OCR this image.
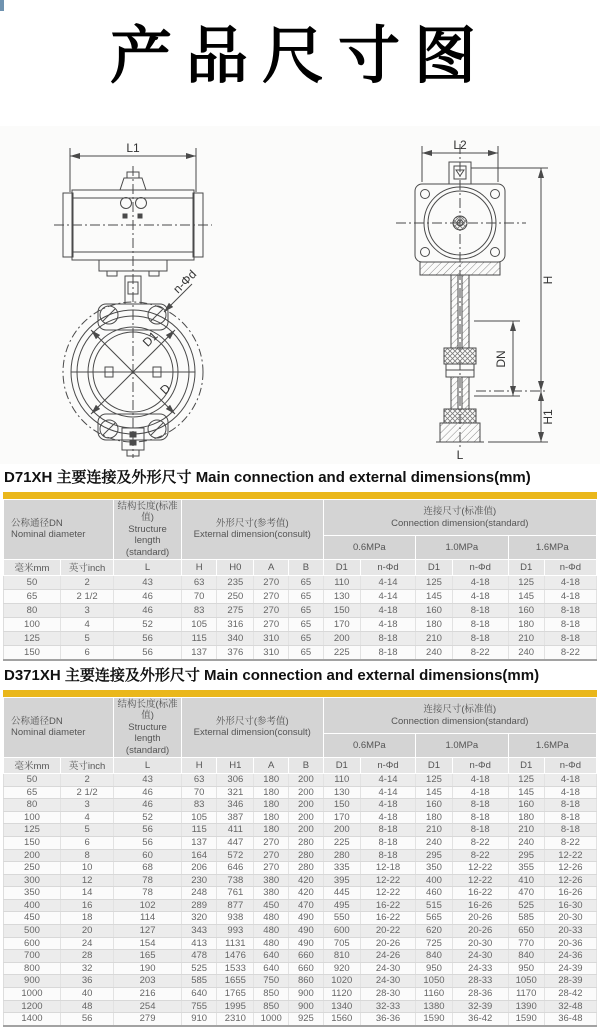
产品尺寸图
L1
D1
D
n-Φd
L2
H
H1
DN
L
D71XH 主要连接及外形尺寸 Main connection and external dimensions(mm)
公称通径DN
Nominal diameter

结构长度(标准值)
Structure length
(standard)

外形尺寸(参考值)
External dimension(consult)

连接尺寸(标准值)
Connection dimension(standard)

							0.6MPa		1.0MPa		1.6MPa	
毫米mm	英寸inch	L	H	H0	A	B	D1	n-Φd	D1	n-Φd	D1	n-Φd
50	2	43	63	235	270	65	110	4-14	125	4-18	125	4-18
65	2 1/2	46	70	250	270	65	130	4-14	145	4-18	145	4-18
80	3	46	83	275	270	65	150	4-18	160	8-18	160	8-18
100	4	52	105	316	270	65	170	4-18	180	8-18	180	8-18
125	5	56	115	340	310	65	200	8-18	210	8-18	210	8-18
150	6	56	137	376	310	65	225	8-18	240	8-22	240	8-22
D371XH 主要连接及外形尺寸 Main connection and external dimensions(mm)
公称通径DN
Nominal diameter

结构长度(标准值)
Structure length
(standard)

外形尺寸(参考值)
External dimension(consult)

连接尺寸(标准值)
Connection dimension(standard)

							0.6MPa		1.0MPa		1.6MPa	
毫米mm	英寸inch	L	H	H1	A	B	D1	n-Φd	D1	n-Φd	D1	n-Φd
50	2	43	63	306	180	200	110	4-14	125	4-18	125	4-18
65	2 1/2	46	70	321	180	200	130	4-14	145	4-18	145	4-18
80	3	46	83	346	180	200	150	4-18	160	8-18	160	8-18
100	4	52	105	387	180	200	170	4-18	180	8-18	180	8-18
125	5	56	115	411	180	200	200	8-18	210	8-18	210	8-18
150	6	56	137	447	270	280	225	8-18	240	8-22	240	8-22
200	8	60	164	572	270	280	280	8-18	295	8-22	295	12-22
250	10	68	206	646	270	280	335	12-18	350	12-22	355	12-26
300	12	78	230	738	380	420	395	12-22	400	12-22	410	12-26
350	14	78	248	761	380	420	445	12-22	460	16-22	470	16-26
400	16	102	289	877	450	470	495	16-22	515	16-26	525	16-30
450	18	114	320	938	480	490	550	16-22	565	20-26	585	20-30
500	20	127	343	993	480	490	600	20-22	620	20-26	650	20-33
600	24	154	413	1131	480	490	705	20-26	725	20-30	770	20-36
700	28	165	478	1476	640	660	810	24-26	840	24-30	840	24-36
800	32	190	525	1533	640	660	920	24-30	950	24-33	950	24-39
900	36	203	585	1655	750	860	1020	24-30	1050	28-33	1050	28-39
1000	40	216	640	1765	850	900	1120	28-30	1160	28-36	1170	28-42
1200	48	254	755	1995	850	900	1340	32-33	1380	32-39	1390	32-48
1400	56	279	910	2310	1000	925	1560	36-36	1590	36-42	1590	36-48
